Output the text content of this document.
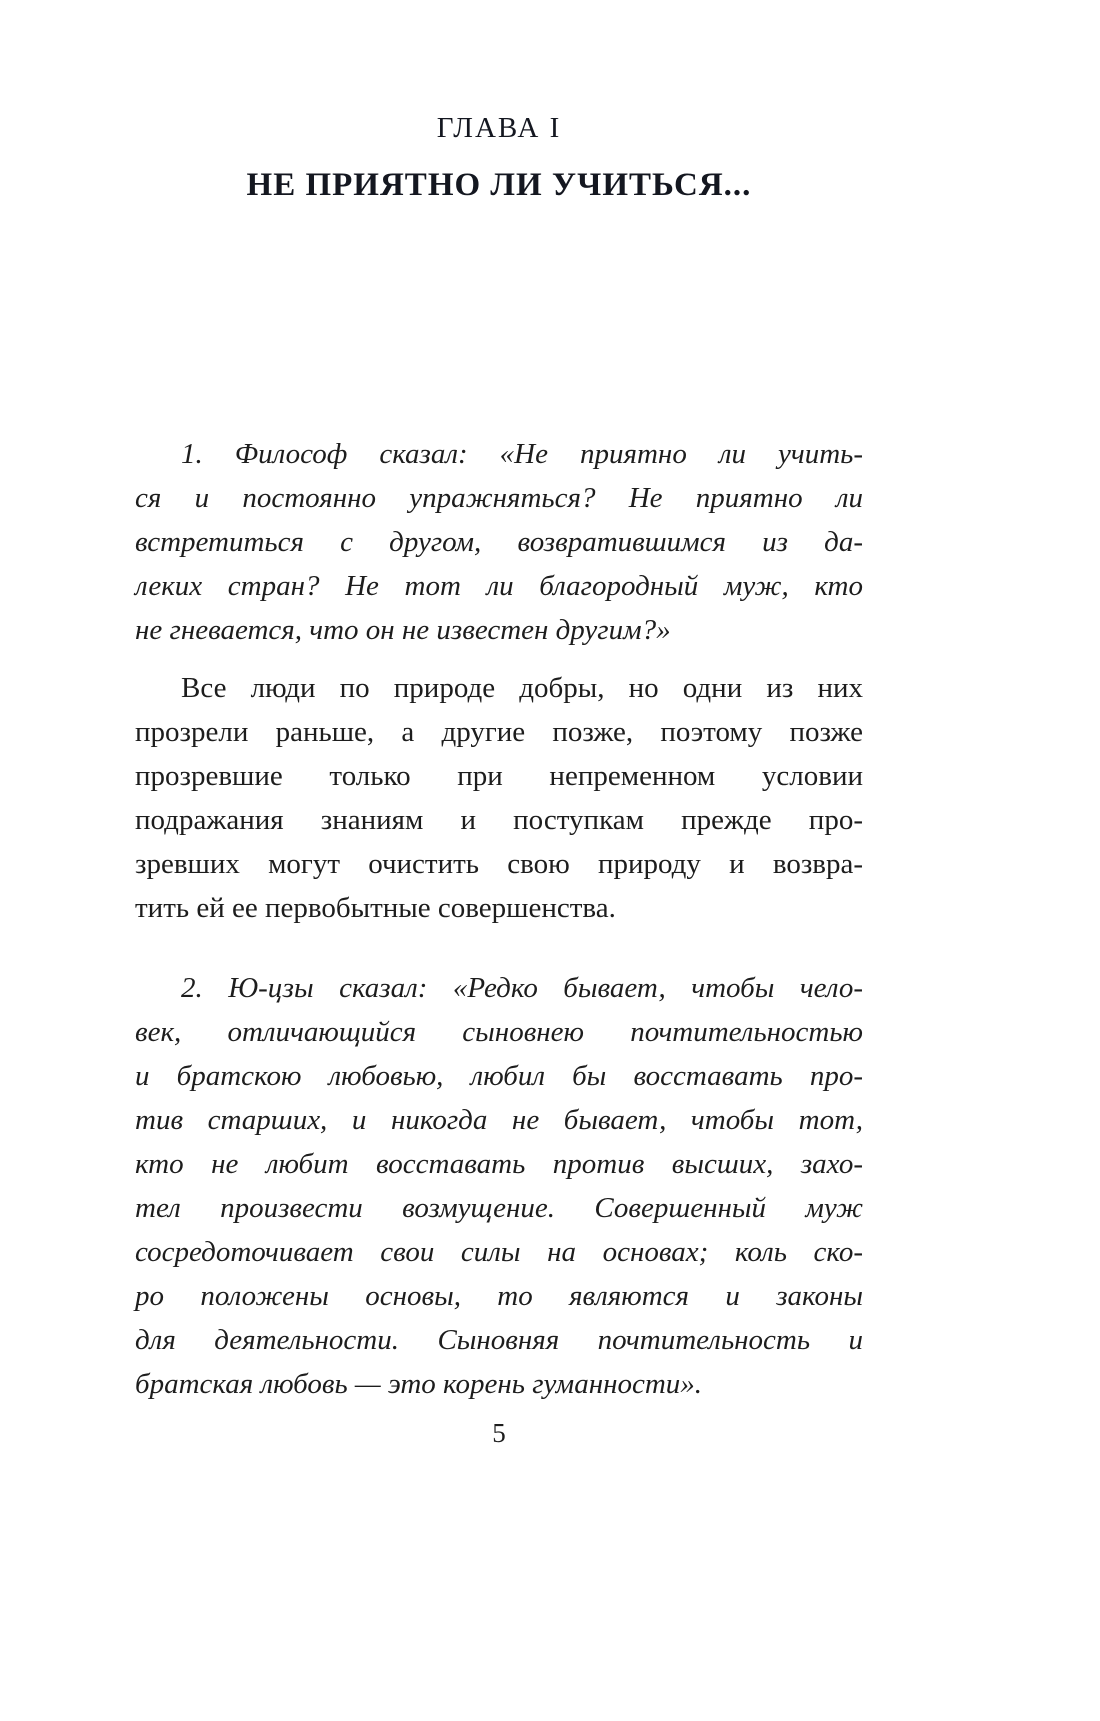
ГЛАВА I
НЕ ПРИЯТНО ЛИ УЧИТЬСЯ...
1. Философ сказал: «Не приятно ли учить-
ся и постоянно упражняться? Не приятно ли
встретиться с другом, возвратившимся из да-
леких стран? Не тот ли благородный муж, кто
не гневается, что он не известен другим?»
Все люди по природе добры, но одни из них
прозрели раньше, а другие позже, поэтому позже
прозревшие только при непременном условии
подражания знаниям и поступкам прежде про-
зревших могут очистить свою природу и возвра-
тить ей ее первобытные совершенства.
2. Ю-цзы сказал: «Редко бывает, чтобы чело-
век, отличающийся сыновнею почтительностью
и братскою любовью, любил бы восставать про-
тив старших, и никогда не бывает, чтобы тот,
кто не любит восставать против высших, захо-
тел произвести возмущение. Совершенный муж
сосредоточивает свои силы на основах; коль ско-
ро положены основы, то являются и законы
для деятельности. Сыновняя почтительность и
братская любовь — это корень гуманности».
5
